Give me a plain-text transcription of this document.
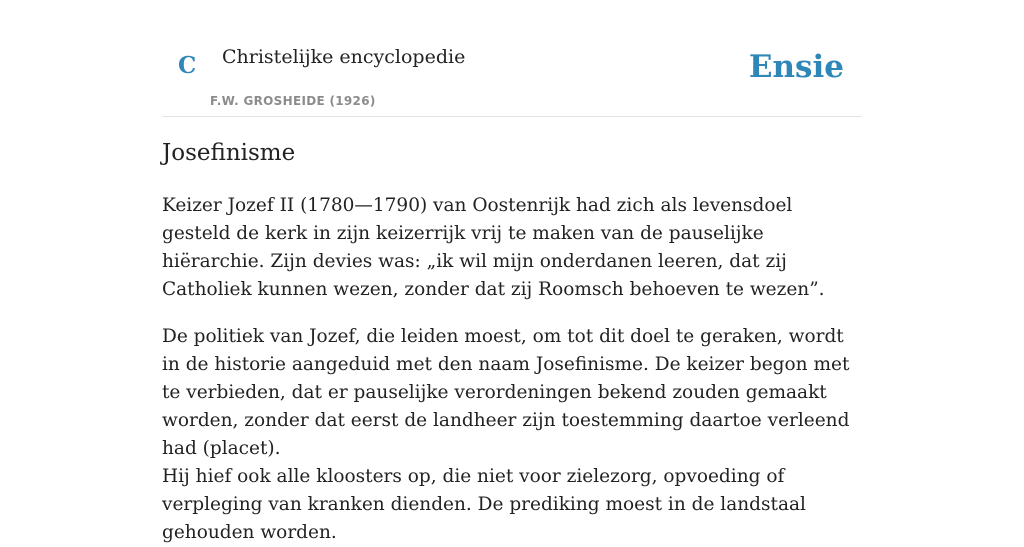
C Christelijke encyclopedie
F.W. GROSHEIDE (1926)
Ensie
Josefinisme

Keizer Jozef II (1780—1790) van Oostenrijk had zich als levensdoel gesteld de kerk in zijn keizerrijk vrij te maken van de pauselijke hiërarchie. Zijn devies was: „ik wil mijn onderdanen leeren, dat zij Catholiek kunnen wezen, zonder dat zij Roomsch behoeven te wezen”.

De politiek van Jozef, die leiden moest, om tot dit doel te geraken, wordt in de historie aangeduid met den naam Josefinisme. De keizer begon met te verbieden, dat er pauselijke verordeningen bekend zouden gemaakt worden, zonder dat eerst de landheer zijn toestemming daartoe verleend had (placet).

Hij hief ook alle kloosters op, die niet voor zielezorg, opvoeding of verpleging van kranken dienden. De prediking moest in de landstaal gehouden worden.
